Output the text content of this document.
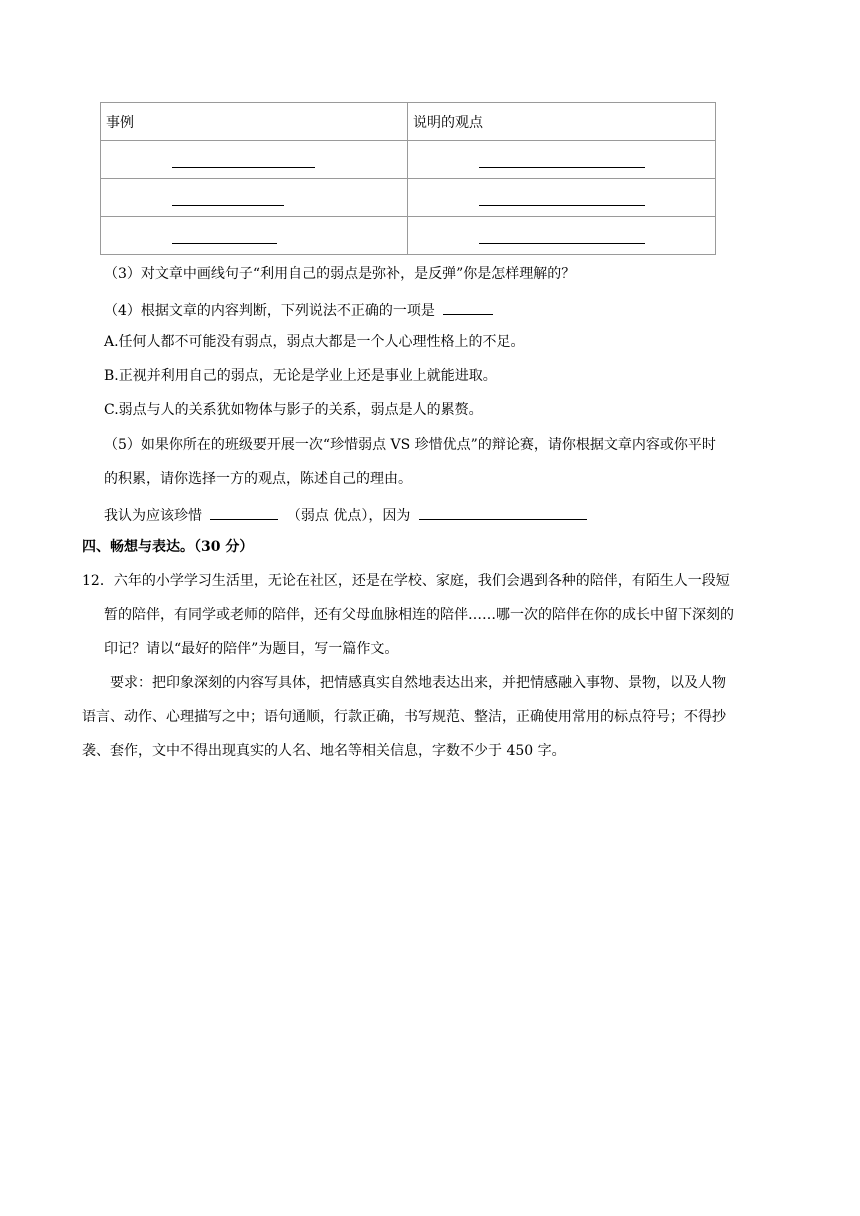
事例	说明的观点

（3）对文章中画线句子“利用自己的弱点是弥补，是反弹”你是怎样理解的？
（4）根据文章的内容判断，下列说法不正确的一项是
A.任何人都不可能没有弱点，弱点大都是一个人心理性格上的不足。
B.正视并利用自己的弱点，无论是学业上还是事业上就能进取。
C.弱点与人的关系犹如物体与影子的关系，弱点是人的累赘。
（5）如果你所在的班级要开展一次“珍惜弱点 VS 珍惜优点”的辩论赛，请你根据文章内容或你平时
的积累，请你选择一方的观点，陈述自己的理由。
我认为应该珍惜	（弱点 优点），因为
四、畅想与表达。（30 分）
12．六年的小学学习生活里，无论在社区，还是在学校、家庭，我们会遇到各种的陪伴，有陌生人一段短
暂的陪伴，有同学或老师的陪伴，还有父母血脉相连的陪伴……哪一次的陪伴在你的成长中留下深刻的
印记？请以“最好的陪伴”为题目，写一篇作文。
要求：把印象深刻的内容写具体，把情感真实自然地表达出来，并把情感融入事物、景物，以及人物
语言、动作、心理描写之中；语句通顺，行款正确，书写规范、整洁，正确使用常用的标点符号；不得抄
袭、套作，文中不得出现真实的人名、地名等相关信息，字数不少于 450 字。
